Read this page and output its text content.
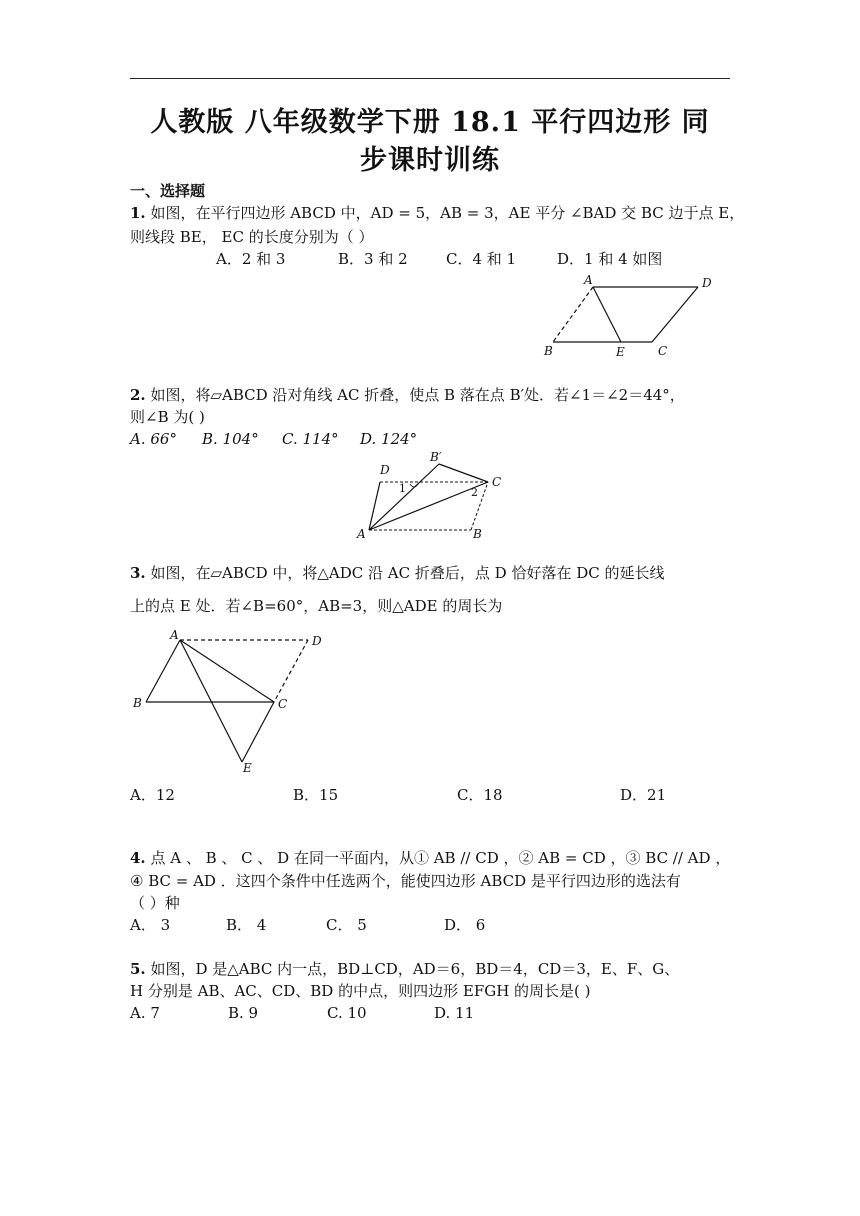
人教版 八年级数学下册 18.1 平行四边形 同
步课时训练
一、选择题
1. 如图，在平行四边形 ABCD 中，AD = 5，AB = 3，AE 平分 ∠BAD 交 BC 边于点 E，
则线段 BE， EC 的长度分别为（ ）
A．2 和 3	B．3 和 2	C．4 和 1	D．1 和 4 如图
A	D
B	E	C
2. 如图，将▱ABCD 沿对角线 AC 折叠，使点 B 落在点 B′处．若∠1＝∠2＝44°，
则∠B 为( )
A. 66° B. 104° C. 114° D. 124°
D
B′
C
A	B
1	2
3. 如图，在▱ABCD 中，将△ADC 沿 AC 折叠后，点 D 恰好落在 DC 的延长线
上的点 E 处．若∠B=60°，AB=3，则△ADE 的周长为
A	D
B	C
E
A．12	B．15	C．18	D．21
4. 点 A 、 B 、 C 、 D 在同一平面内，从① AB // CD ，② AB = CD ，③ BC // AD ，
④ BC = AD ．这四个条件中任选两个，能使四边形 ABCD 是平行四边形的选法有
（ ）种
A． 3	B． 4	C． 5	D． 6
5. 如图，D 是△ABC 内一点，BD⊥CD，AD＝6，BD＝4，CD＝3，E、F、G、
H 分别是 AB、AC、CD、BD 的中点，则四边形 EFGH 的周长是( )
A. 7	B. 9	C. 10	D. 11
